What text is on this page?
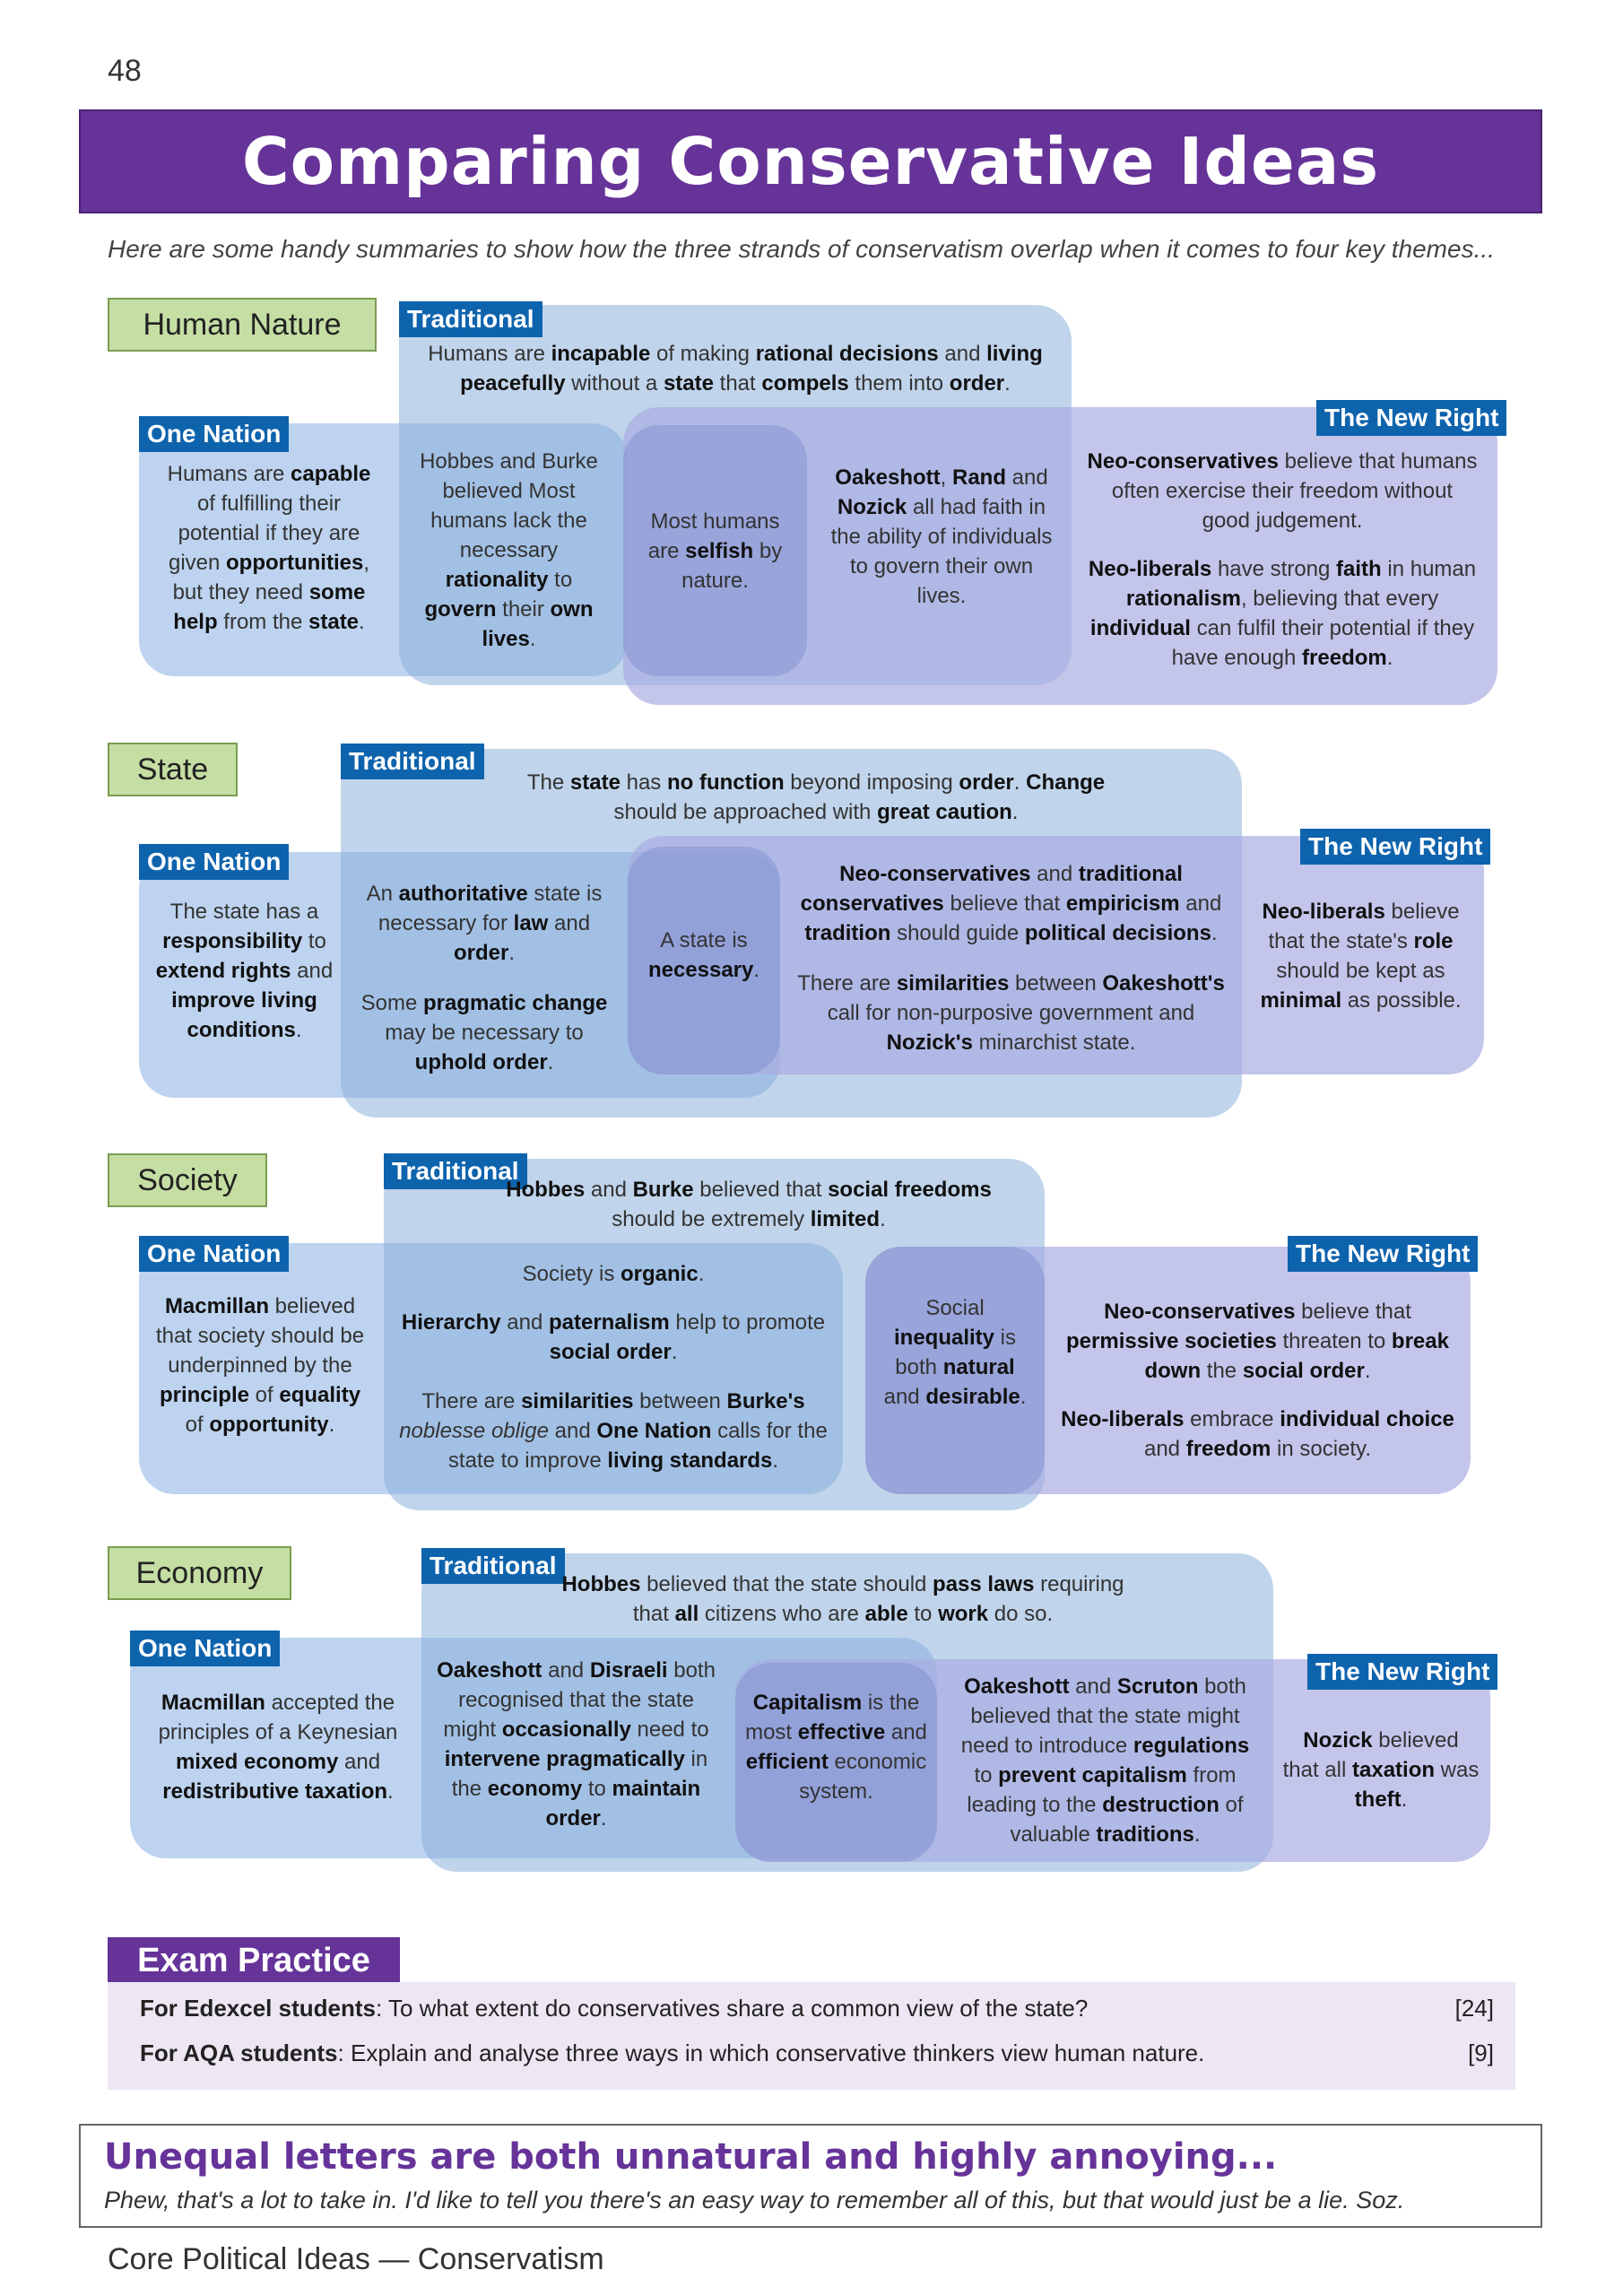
48
Comparing Conservative Ideas
Here are some handy summaries to show how the three strands of conservatism overlap when it comes to four key themes...
Human Nature	Traditional
One Nation
The New Right
Humans are incapable of making rational decisions and living peacefully without a state that compels them into order.
Humans are capable of fulfilling their potential if they are given opportunities, but they need some help from the state.
Hobbes and Burke believed Most humans lack the necessary rationality to govern their own lives.
Most humans are selfish by nature.
Oakeshott, Rand and Nozick all had faith in the ability of individuals to govern their own lives.
Neo-conservatives believe that humans often exercise their freedom without good judgement.
Neo-liberals have strong faith in human rationalism, believing that every individual can fulfil their potential if they have enough freedom.
State	Traditional
One Nation
The New Right
The state has no function beyond imposing order. Change should be approached with great caution.
The state has a responsibility to extend rights and improve living conditions.
An authoritative state is necessary for law and order.
Some pragmatic change may be necessary to uphold order.
A state is necessary.
Neo-conservatives and traditional conservatives believe that empiricism and tradition should guide political decisions.
There are similarities between Oakeshott's call for non-purposive government and Nozick's minarchist state.
Neo-liberals believe that the state's role should be kept as minimal as possible.
Society	Traditional
One Nation	The New Right
Hobbes and Burke believed that social freedoms should be extremely limited.
Macmillan believed that society should be underpinned by the principle of equality of opportunity.
Society is organic.
Hierarchy and paternalism help to promote social order.
There are similarities between Burke's noblesse oblige and One Nation calls for the state to improve living standards.
Social inequality is both natural and desirable.
Neo-conservatives believe that permissive societies threaten to break down the social order.
Neo-liberals embrace individual choice and freedom in society.
Economy	Traditional
One Nation
The New Right
Hobbes believed that the state should pass laws requiring that all citizens who are able to work do so.
Macmillan accepted the principles of a Keynesian mixed economy and redistributive taxation.
Oakeshott and Disraeli both recognised that the state might occasionally need to intervene pragmatically in the economy to maintain order.
Capitalism is the most effective and efficient economic system.
Oakeshott and Scruton both believed that the state might need to introduce regulations to prevent capitalism from leading to the destruction of valuable traditions.
Nozick believed that all taxation was theft.
Exam Practice
For Edexcel students: To what extent do conservatives share a common view of the state?	[24]
For AQA students: Explain and analyse three ways in which conservative thinkers view human nature.	[9]
Unequal letters are both unnatural and highly annoying...
Phew, that's a lot to take in. I'd like to tell you there's an easy way to remember all of this, but that would just be a lie. Soz.
Core Political Ideas — Conservatism
